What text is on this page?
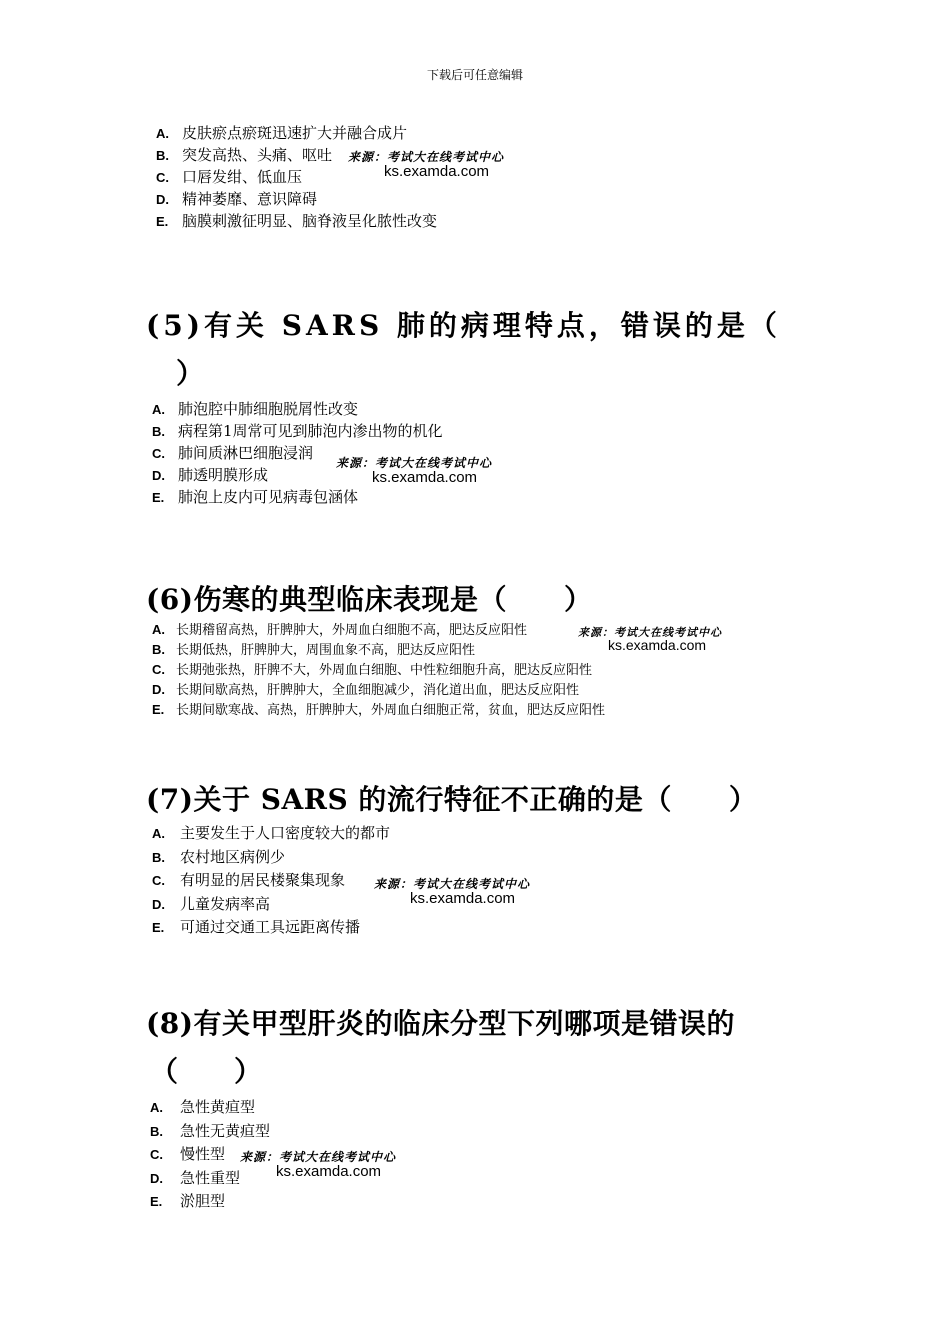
下载后可任意编辑
A. 皮肤瘀点瘀斑迅速扩大并融合成片
B. 突发高热、头痛、呕吐
C. 口唇发绀、低血压
D. 精神萎靡、意识障碍
E. 脑膜刺激征明显、脑脊液呈化脓性改变
来源：考试大在线考试中心
ks.examda.com
(5)有关 SARS 肺的病理特点，错误的是（
）
A. 肺泡腔中肺细胞脱屑性改变
B. 病程第1周常可见到肺泡内渗出物的机化
C. 肺间质淋巴细胞浸润
D. 肺透明膜形成
E. 肺泡上皮内可见病毒包涵体
来源：考试大在线考试中心
ks.examda.com
(6)伤寒的典型临床表现是（　　）
A. 长期稽留高热，肝脾肿大，外周血白细胞不高，肥达反应阳性
B. 长期低热，肝脾肿大，周围血象不高，肥达反应阳性
C. 长期弛张热，肝脾不大，外周血白细胞、中性粒细胞升高，肥达反应阳性
D. 长期间歇高热，肝脾肿大，全血细胞减少，消化道出血，肥达反应阳性
E. 长期间歇寒战、高热，肝脾肿大，外周血白细胞正常，贫血，肥达反应阳性
来源：考试大在线考试中心
ks.examda.com
(7)关于 SARS 的流行特征不正确的是（　　）
A. 主要发生于人口密度较大的都市
B. 农村地区病例少
C. 有明显的居民楼聚集现象
D. 儿童发病率高
E. 可通过交通工具远距离传播
来源：考试大在线考试中心
ks.examda.com
(8)有关甲型肝炎的临床分型下列哪项是错误的
（　　）
A. 急性黄疸型
B. 急性无黄疸型
C. 慢性型
D. 急性重型
E. 淤胆型
来源：考试大在线考试中心
ks.examda.com
